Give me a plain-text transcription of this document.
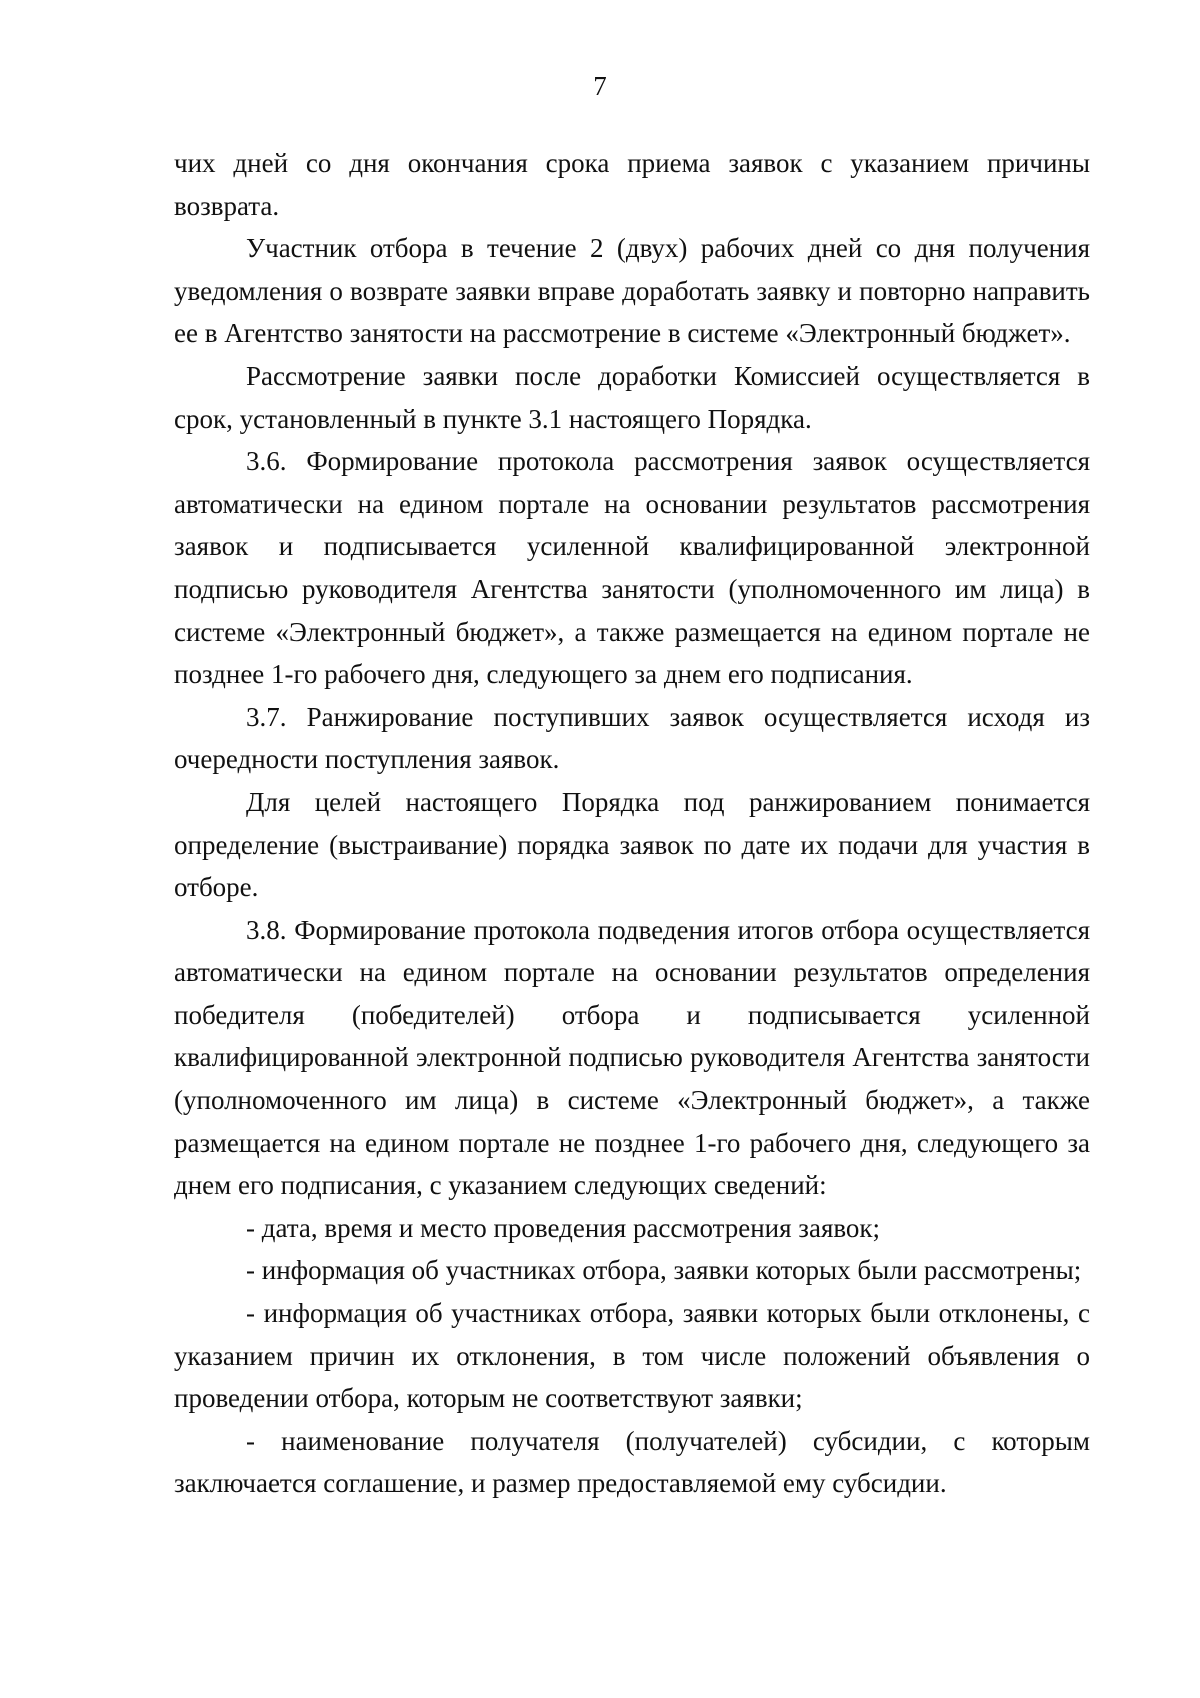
7

чих дней со дня окончания срока приема заявок с указанием причины возврата.

Участник отбора в течение 2 (двух) рабочих дней со дня получения уведомления о возврате заявки вправе доработать заявку и повторно направить ее в Агентство занятости на рассмотрение в системе «Электронный бюджет».

Рассмотрение заявки после доработки Комиссией осуществляется в срок, установленный в пункте 3.1 настоящего Порядка.

3.6. Формирование протокола рассмотрения заявок осуществляется автоматически на едином портале на основании результатов рассмотрения заявок и подписывается усиленной квалифицированной электронной подписью руководителя Агентства занятости (уполномоченного им лица) в системе «Электронный бюджет», а также размещается на едином портале не позднее 1-го рабочего дня, следующего за днем его подписания.

3.7. Ранжирование поступивших заявок осуществляется исходя из очередности поступления заявок.

Для целей настоящего Порядка под ранжированием понимается определение (выстраивание) порядка заявок по дате их подачи для участия в отборе.

3.8. Формирование протокола подведения итогов отбора осуществляется автоматически на едином портале на основании результатов определения победителя (победителей) отбора и подписывается усиленной квалифицированной электронной подписью руководителя Агентства занятости (уполномоченного им лица) в системе «Электронный бюджет», а также размещается на едином портале не позднее 1-го рабочего дня, следующего за днем его подписания, с указанием следующих сведений:

- дата, время и место проведения рассмотрения заявок;

- информация об участниках отбора, заявки которых были рассмотрены;

- информация об участниках отбора, заявки которых были отклонены, с указанием причин их отклонения, в том числе положений объявления о проведении отбора, которым не соответствуют заявки;

- наименование получателя (получателей) субсидии, с которым заключается соглашение, и размер предоставляемой ему субсидии.
